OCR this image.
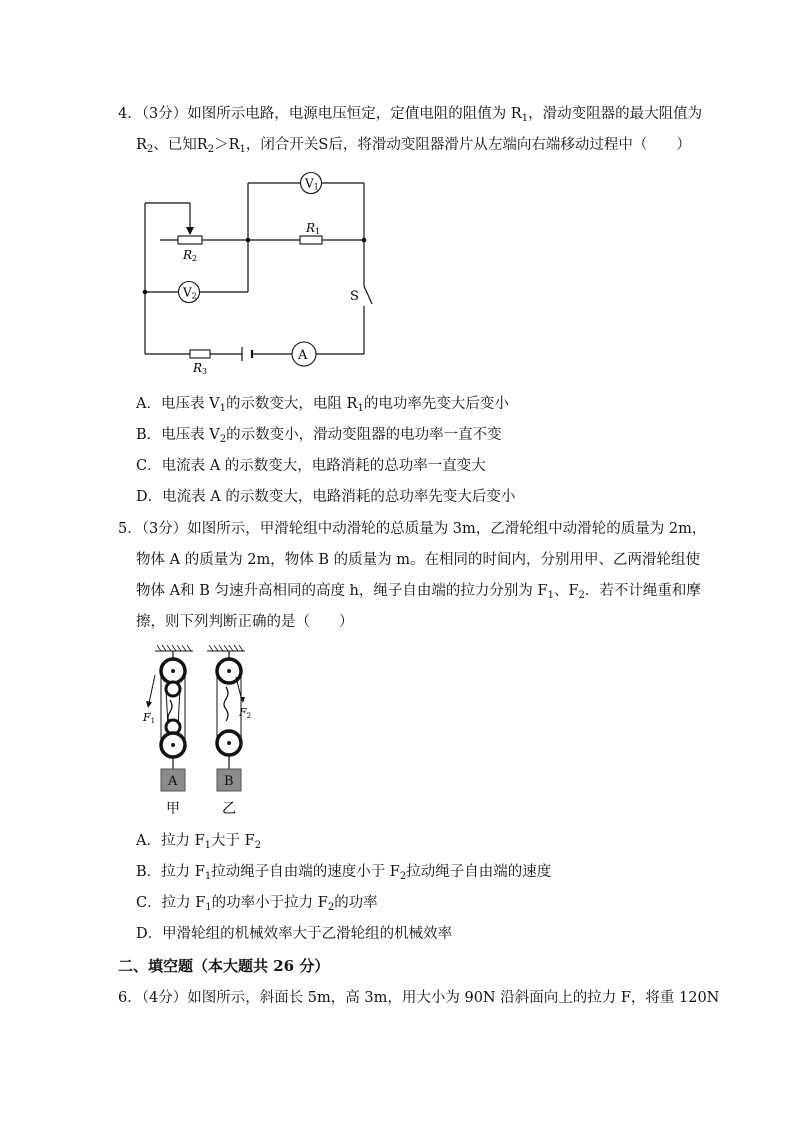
4．（3分）如图所示电路，电源电压恒定，定值电阻的阻值为 $R_1$，滑动变阻器的最大阻值为
$R_2$、已知$R_2>R_1$，闭合开关S后，将滑动变阻器滑片从左端向右端移动过程中（　　）
V1
V2
A
R1
R2
R3
S
A．电压表 $V_1$的示数变大，电阻 $R_1$的电功率先变大后变小
B．电压表 $V_2$的示数变小，滑动变阻器的电功率一直不变
C．电流表 A 的示数变大，电路消耗的总功率一直变大
D．电流表 A 的示数变大，电路消耗的总功率先变大后变小
5．（3分）如图所示，甲滑轮组中动滑轮的总质量为 3m，乙滑轮组中动滑轮的质量为 2m，
物体 A 的质量为 2m，物体 B 的质量为 m。在相同的时间内，分别用甲、乙两滑轮组使
物体 A和 B 匀速升高相同的高度 h，绳子自由端的拉力分别为 $F_1$、$F_2$．若不计绳重和摩
擦，则下列判断正确的是（　　）
F1
F2
A	B
甲	乙
A．拉力 $F_1$大于 $F_2$
B．拉力 $F_1$拉动绳子自由端的速度小于 $F_2$拉动绳子自由端的速度
C．拉力 $F_1$的功率小于拉力 $F_2$的功率
D．甲滑轮组的机械效率大于乙滑轮组的机械效率
二、填空题（本大题共 26 分）
6．（4分）如图所示，斜面长 5m，高 3m，用大小为 90N 沿斜面向上的拉力 F，将重 120N
